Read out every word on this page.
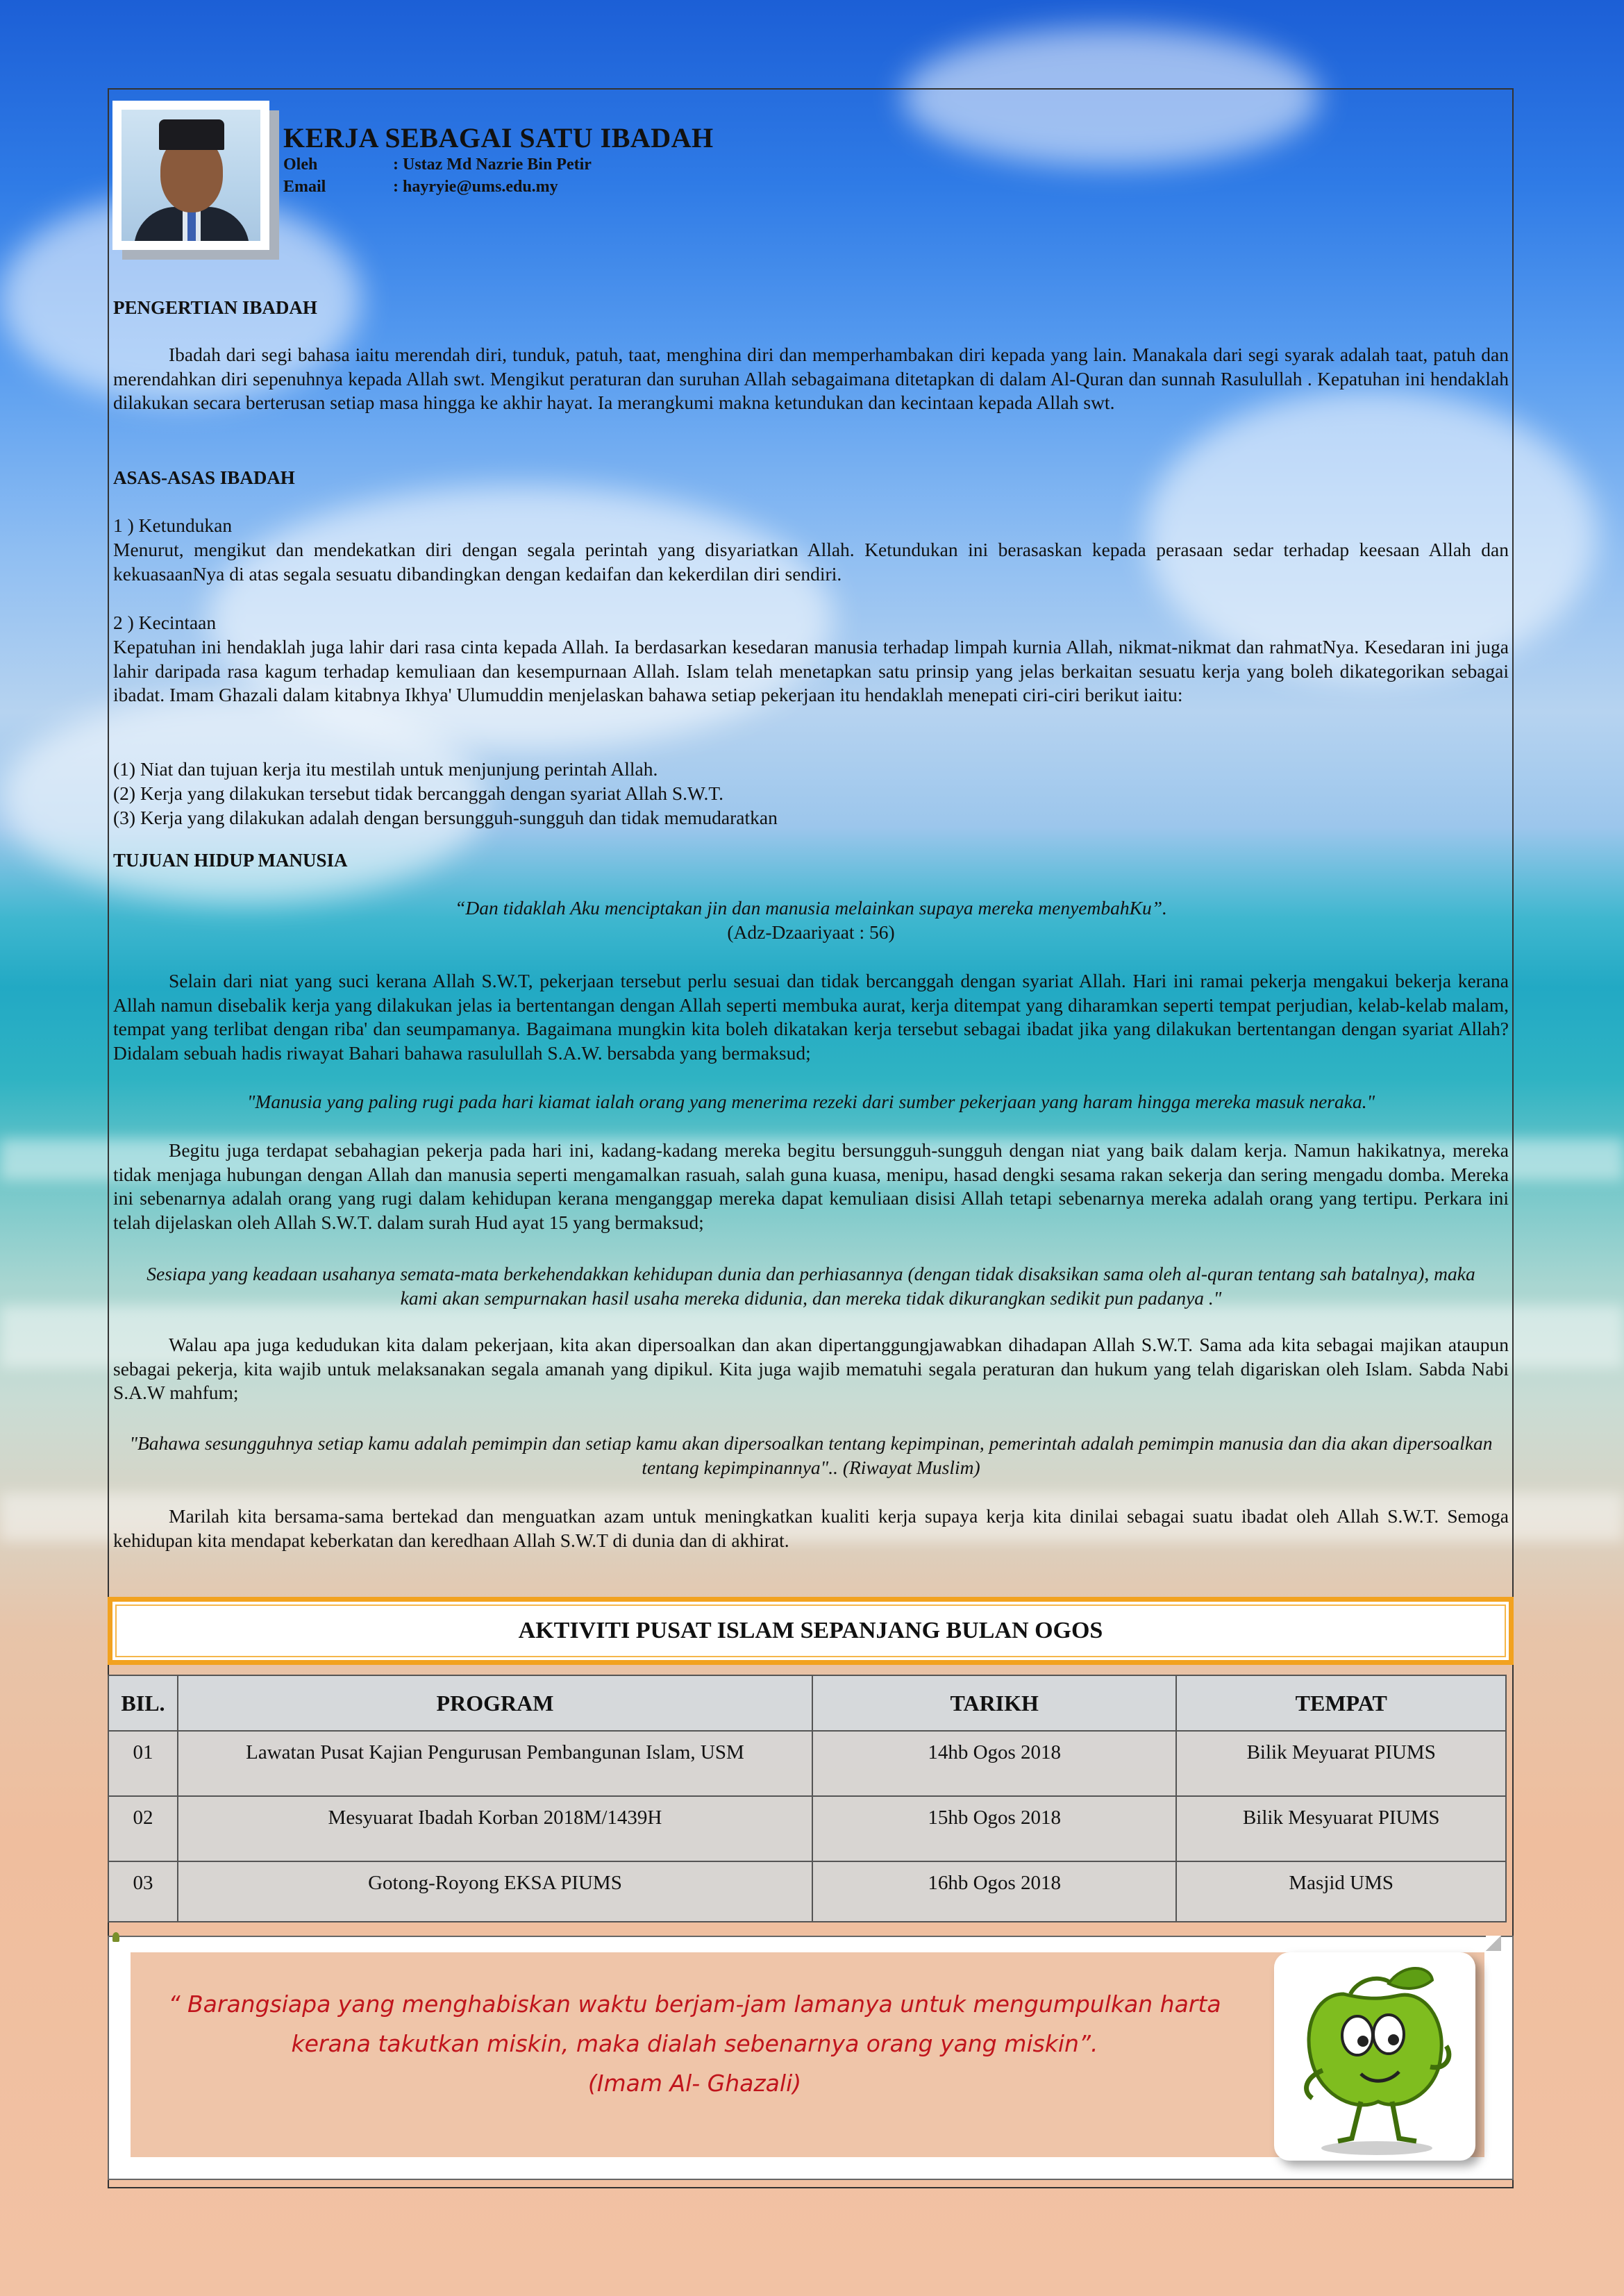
KERJA SEBAGAI SATU IBADAH
Oleh	: Ustaz Md Nazrie Bin Petir
Email	: hayryie@ums.edu.my
PENGERTIAN IBADAH

Ibadah dari segi bahasa iaitu merendah diri, tunduk, patuh, taat, menghina diri dan memperhambakan diri kepada yang lain. Manakala dari segi syarak adalah taat, patuh dan merendahkan diri sepenuhnya kepada Allah swt. Mengikut peraturan dan suruhan Allah sebagaimana ditetapkan di dalam Al-Quran dan sunnah Rasulullah . Kepatuhan ini hendaklah dilakukan secara berterusan setiap masa hingga ke akhir hayat. Ia merangkumi makna ketundukan dan kecintaan kepada Allah swt.

ASAS-ASAS IBADAH
1 ) Ketundukan

Menurut, mengikut dan mendekatkan diri dengan segala perintah yang disyariatkan Allah. Ketundukan ini berasaskan kepada perasaan sedar terhadap keesaan Allah dan kekuasaanNya di atas segala sesuatu dibandingkan dengan kedaifan dan kekerdilan diri sendiri.

2 ) Kecintaan

Kepatuhan ini hendaklah juga lahir dari rasa cinta kepada Allah. Ia berdasarkan kesedaran manusia terhadap limpah kurnia Allah, nikmat-nikmat dan rahmatNya. Kesedaran ini juga lahir daripada rasa kagum terhadap kemuliaan dan kesempurnaan Allah. Islam telah menetapkan satu prinsip yang jelas berkaitan sesuatu kerja yang boleh dikategorikan sebagai ibadat. Imam Ghazali dalam kitabnya Ikhya' Ulumuddin menjelaskan bahawa setiap pekerjaan itu hendaklah menepati ciri-ciri berikut iaitu:

(1) Niat dan tujuan kerja itu mestilah untuk menjunjung perintah Allah.
(2) Kerja yang dilakukan tersebut tidak bercanggah dengan syariat Allah S.W.T.
(3) Kerja yang dilakukan adalah dengan bersungguh-sungguh dan tidak memudaratkan
TUJUAN HIDUP MANUSIA

“Dan tidaklah Aku menciptakan jin dan manusia melainkan supaya mereka menyembahKu”.

(Adz-Dzaariyaat : 56)

Selain dari niat yang suci kerana Allah S.W.T, pekerjaan tersebut perlu sesuai dan tidak bercanggah dengan syariat Allah. Hari ini ramai pekerja mengakui bekerja kerana Allah namun disebalik kerja yang dilakukan jelas ia bertentangan dengan Allah seperti membuka aurat, kerja ditempat yang diharamkan seperti tempat perjudian, kelab-kelab malam, tempat yang terlibat dengan riba' dan seumpamanya. Bagaimana mungkin kita boleh dikatakan kerja tersebut sebagai ibadat jika yang dilakukan bertentangan dengan syariat Allah? Didalam sebuah hadis riwayat Bahari bahawa rasulullah S.A.W. bersabda yang bermaksud;

"Manusia yang paling rugi pada hari kiamat ialah orang yang menerima rezeki dari sumber pekerjaan yang haram hingga mereka masuk neraka."

Begitu juga terdapat sebahagian pekerja pada hari ini, kadang-kadang mereka begitu bersungguh-sungguh dengan niat yang baik dalam kerja. Namun hakikatnya, mereka tidak menjaga hubungan dengan Allah dan manusia seperti mengamalkan rasuah, salah guna kuasa, menipu, hasad dengki sesama rakan sekerja dan sering mengadu domba. Mereka ini sebenarnya adalah orang yang rugi dalam kehidupan kerana menganggap mereka dapat kemuliaan disisi Allah tetapi sebenarnya mereka adalah orang yang tertipu. Perkara ini telah dijelaskan oleh Allah S.W.T. dalam surah Hud ayat 15 yang bermaksud;

Sesiapa yang keadaan usahanya semata-mata berkehendakkan kehidupan dunia dan perhiasannya (dengan tidak disaksikan sama oleh al-quran tentang sah batalnya), maka kami akan sempurnakan hasil usaha mereka didunia, dan mereka tidak dikurangkan sedikit pun padanya ."

Walau apa juga kedudukan kita dalam pekerjaan, kita akan dipersoalkan dan akan dipertanggungjawabkan dihadapan Allah S.W.T. Sama ada kita sebagai majikan ataupun sebagai pekerja, kita wajib untuk melaksanakan segala amanah yang dipikul. Kita juga wajib mematuhi segala peraturan dan hukum yang telah digariskan oleh Islam. Sabda Nabi S.A.W mahfum;

"Bahawa sesungguhnya setiap kamu adalah pemimpin dan setiap kamu akan dipersoalkan tentang kepimpinan, pemerintah adalah pemimpin manusia dan dia akan dipersoalkan tentang kepimpinannya".. (Riwayat Muslim)

Marilah kita bersama-sama bertekad dan menguatkan azam untuk meningkatkan kualiti kerja supaya kerja kita dinilai sebagai suatu ibadat oleh Allah S.W.T. Semoga kehidupan kita mendapat keberkatan dan keredhaan Allah S.W.T di dunia dan di akhirat.

AKTIVITI PUSAT ISLAM SEPANJANG BULAN OGOS
BIL.	PROGRAM	TARIKH	TEMPAT
01	Lawatan Pusat Kajian Pengurusan Pembangunan Islam, USM	14hb Ogos 2018	Bilik Meyuarat PIUMS
02	Mesyuarat Ibadah Korban 2018M/1439H	15hb Ogos 2018	Bilik Mesyuarat PIUMS
03	Gotong-Royong EKSA PIUMS	16hb Ogos 2018	Masjid UMS
“ Barangsiapa yang menghabiskan waktu berjam-jam lamanya untuk mengumpulkan harta
kerana takutkan miskin, maka dialah sebenarnya orang yang miskin”.
(Imam Al- Ghazali)
